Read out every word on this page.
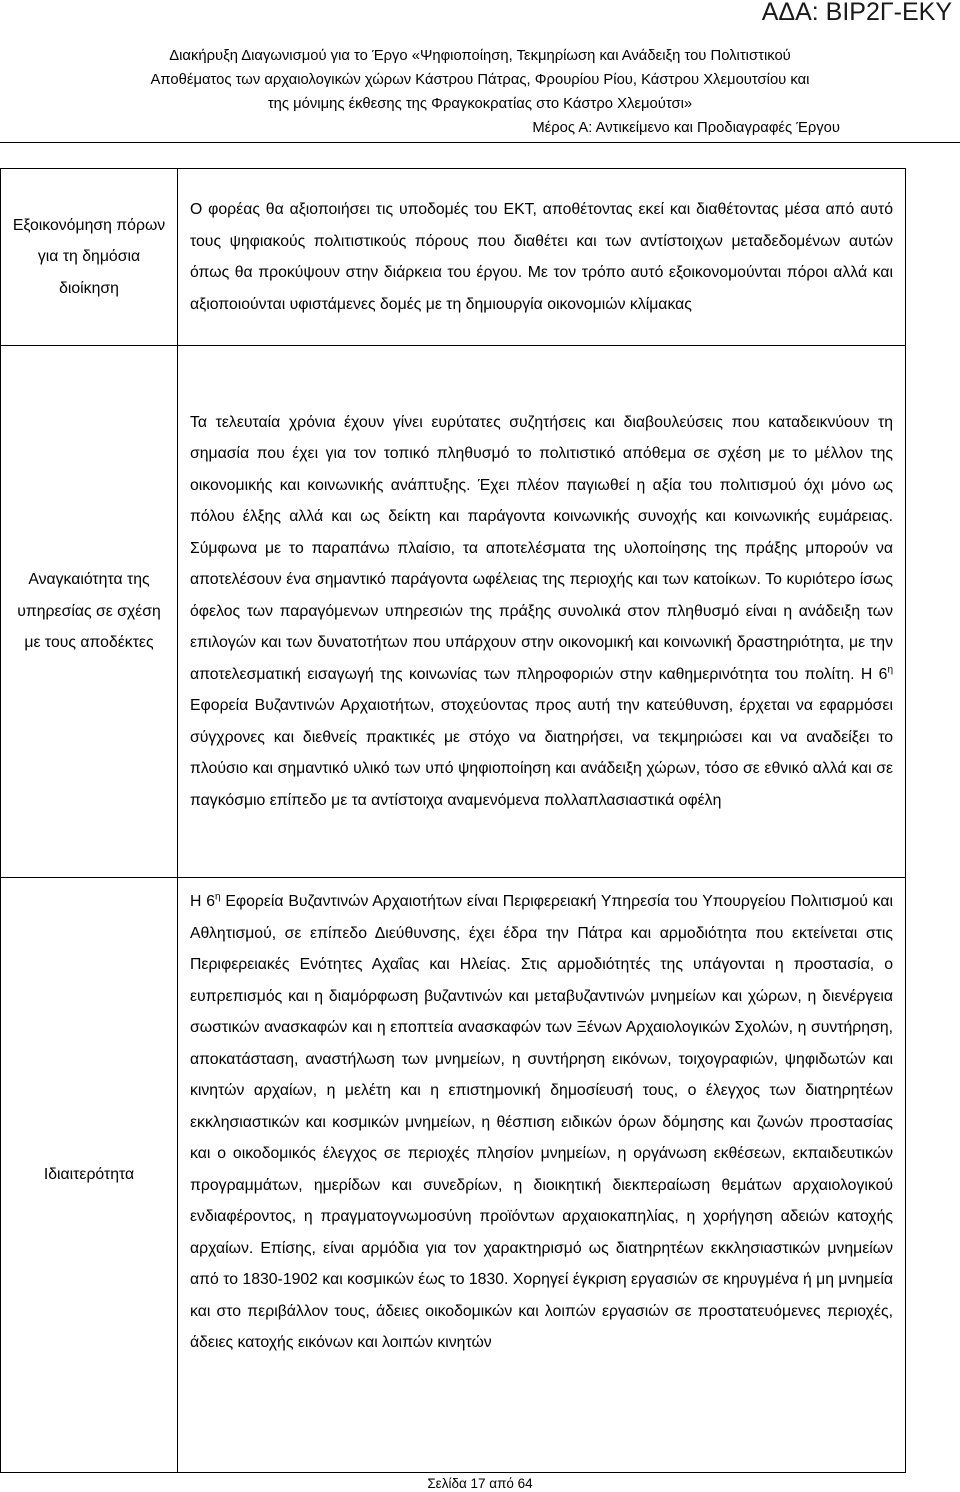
ΑΔΑ: ΒΙΡ2Γ-ΕΚΥ
Διακήρυξη Διαγωνισμού για το Έργο «Ψηφιοποίηση, Τεκμηρίωση και Ανάδειξη του Πολιτιστικού
Αποθέματος των αρχαιολογικών χώρων Κάστρου Πάτρας, Φρουρίου Ρίου, Κάστρου Χλεμουτσίου και
της μόνιμης έκθεσης της Φραγκοκρατίας στο Κάστρο Χλεμούτσι»
Μέρος Α: Αντικείμενο και Προδιαγραφές Έργου
Εξοικονόμηση πόρων για τη δημόσια διοίκηση	Ο φορέας θα αξιοποιήσει τις υποδομές του ΕΚΤ, αποθέτοντας εκεί και διαθέτοντας μέσα από αυτό τους ψηφιακούς πολιτιστικούς πόρους που διαθέτει και των αντίστοιχων μεταδεδομένων αυτών όπως θα προκύψουν στην διάρκεια του έργου. Με τον τρόπο αυτό εξοικονομούνται πόροι αλλά και αξιοποιούνται υφιστάμενες δομές με τη δημιουργία οικονομιών κλίμακας
Αναγκαιότητα της υπηρεσίας σε σχέση με τους αποδέκτες	Τα τελευταία χρόνια έχουν γίνει ευρύτατες συζητήσεις και διαβουλεύσεις που καταδεικνύουν τη σημασία που έχει για τον τοπικό πληθυσμό το πολιτιστικό απόθεμα σε σχέση με το μέλλον της οικονομικής και κοινωνικής ανάπτυξης. Έχει πλέον παγιωθεί η αξία του πολιτισμού όχι μόνο ως πόλου έλξης αλλά και ως δείκτη και παράγοντα κοινωνικής συνοχής και κοινωνικής ευμάρειας. Σύμφωνα με το παραπάνω πλαίσιο, τα αποτελέσματα της υλοποίησης της πράξης μπορούν να αποτελέσουν ένα σημαντικό παράγοντα ωφέλειας της περιοχής και των κατοίκων. Το κυριότερο ίσως όφελος των παραγόμενων υπηρεσιών της πράξης συνολικά στον πληθυσμό είναι η ανάδειξη των επιλογών και των δυνατοτήτων που υπάρχουν στην οικονομική και κοινωνική δραστηριότητα, με την αποτελεσματική εισαγωγή της κοινωνίας των πληροφοριών στην καθημερινότητα του πολίτη. Η $6^\eta$ Εφορεία Βυζαντινών Αρχαιοτήτων, στοχεύοντας προς αυτή την κατεύθυνση, έρχεται να εφαρμόσει σύγχρονες και διεθνείς πρακτικές με στόχο να διατηρήσει, να τεκμηριώσει και να αναδείξει το πλούσιο και σημαντικό υλικό των υπό ψηφιοποίηση και ανάδειξη χώρων, τόσο σε εθνικό αλλά και σε παγκόσμιο επίπεδο με τα αντίστοιχα αναμενόμενα πολλαπλασιαστικά οφέλη
Ιδιαιτερότητα	Η $6^\eta$ Εφορεία Βυζαντινών Αρχαιοτήτων είναι Περιφερειακή Υπηρεσία του Υπουργείου Πολιτισμού και Αθλητισμού, σε επίπεδο Διεύθυνσης, έχει έδρα την Πάτρα και αρμοδιότητα που εκτείνεται στις Περιφερειακές Ενότητες Αχαΐας και Ηλείας. Στις αρμοδιότητές της υπάγονται η προστασία, ο ευπρεπισμός και η διαμόρφωση βυζαντινών και μεταβυζαντινών μνημείων και χώρων, η διενέργεια σωστικών ανασκαφών και η εποπτεία ανασκαφών των Ξένων Αρχαιολογικών Σχολών, η συντήρηση, αποκατάσταση, αναστήλωση των μνημείων, η συντήρηση εικόνων, τοιχογραφιών, ψηφιδωτών και κινητών αρχαίων, η μελέτη και η επιστημονική δημοσίευσή τους, ο έλεγχος των διατηρητέων εκκλησιαστικών και κοσμικών μνημείων, η θέσπιση ειδικών όρων δόμησης και ζωνών προστασίας και ο οικοδομικός έλεγχος σε περιοχές πλησίον μνημείων, η οργάνωση εκθέσεων, εκπαιδευτικών προγραμμάτων, ημερίδων και συνεδρίων, η διοικητική διεκπεραίωση θεμάτων αρχαιολογικού ενδιαφέροντος, η πραγματογνωμοσύνη προϊόντων αρχαιοκαπηλίας, η χορήγηση αδειών κατοχής αρχαίων. Επίσης, είναι αρμόδια για τον χαρακτηρισμό ως διατηρητέων εκκλησιαστικών μνημείων από το 1830-1902 και κοσμικών έως το 1830. Χορηγεί έγκριση εργασιών σε κηρυγμένα ή μη μνημεία και στο περιβάλλον τους, άδειες οικοδομικών και λοιπών εργασιών σε προστατευόμενες περιοχές, άδειες κατοχής εικόνων και λοιπών κινητών
Σελίδα 17 από 64
